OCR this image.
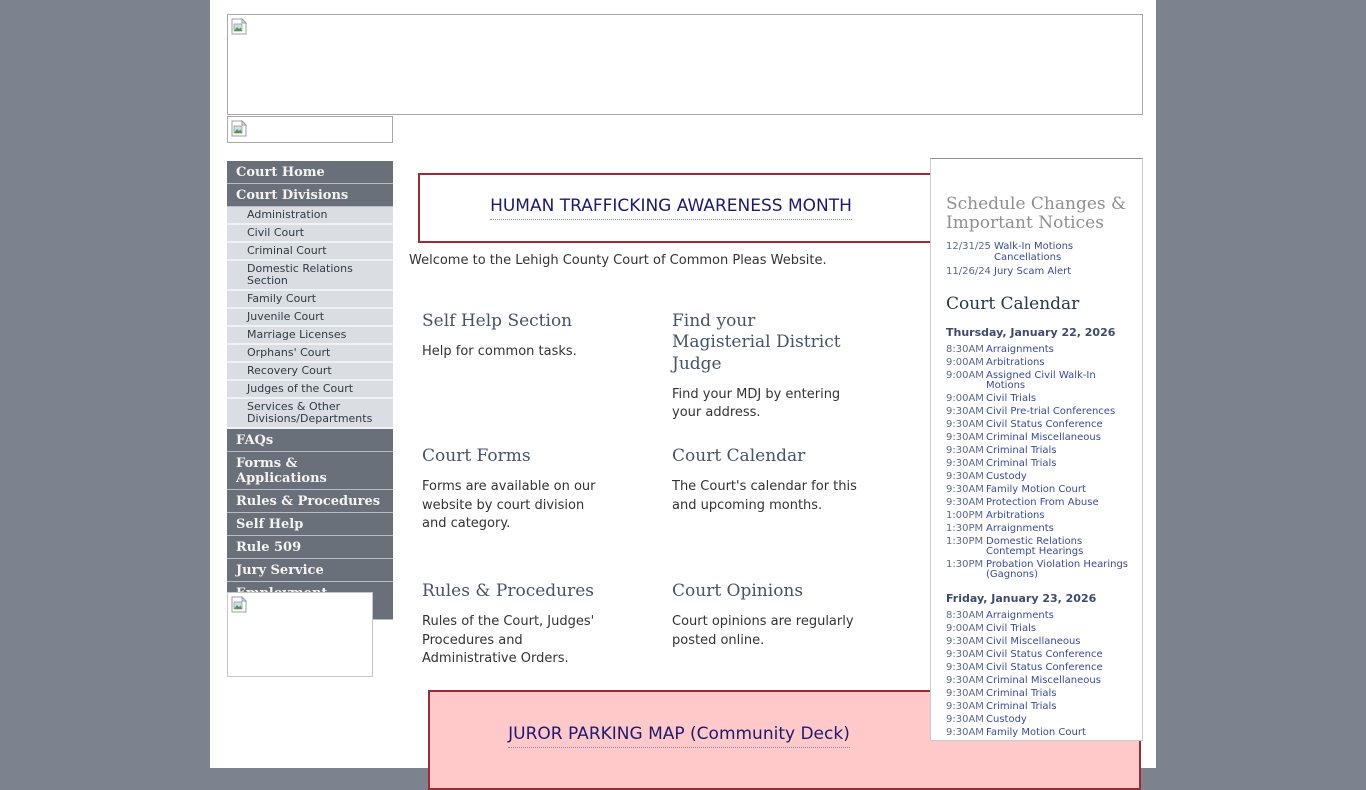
Court Home
Court Divisions
Administration
Civil Court
Criminal Court
Domestic Relations Section
Family Court
Juvenile Court
Marriage Licenses
Orphans' Court
Recovery Court
Judges of the Court
Services & Other Divisions/Departments
FAQs
Forms & Applications
Rules & Procedures
Self Help
Rule 509
Jury Service
HUMAN TRAFFICKING AWARENESS MONTH

Welcome to the Lehigh County Court of Common Pleas Website.

Self Help Section

Help for common tasks.

Find your Magisterial District Judge

Find your MDJ by entering your address.

Court Forms

Forms are available on our website by court division and category.

Court Calendar

The Court's calendar for this and upcoming months.

Rules & Procedures

Rules of the Court, Judges' Procedures and Administrative Orders.

Court Opinions

Court opinions are regularly posted online.

JUROR PARKING MAP (Community Deck)
Schedule Changes & Important Notices
12/31/25 Walk-In Motions Cancellations
11/26/24 Jury Scam Alert
Court Calendar
Thursday, January 22, 2026
8:30AM Arraignments
9:00AM Arbitrations
9:00AM Assigned Civil Walk-In Motions
9:00AM Civil Trials
9:30AM Civil Pre-trial Conferences
9:30AM Civil Status Conference
9:30AM Criminal Miscellaneous
9:30AM Criminal Trials
9:30AM Criminal Trials
9:30AM Custody
9:30AM Family Motion Court
9:30AM Protection From Abuse
1:00PM Arbitrations
1:30PM Arraignments
1:30PM Domestic Relations Contempt Hearings
1:30PM Probation Violation Hearings (Gagnons)
Friday, January 23, 2026
8:30AM Arraignments
9:00AM Civil Trials
9:30AM Civil Miscellaneous
9:30AM Civil Status Conference
9:30AM Civil Status Conference
9:30AM Criminal Miscellaneous
9:30AM Criminal Trials
9:30AM Criminal Trials
9:30AM Custody
9:30AM Family Motion Court
